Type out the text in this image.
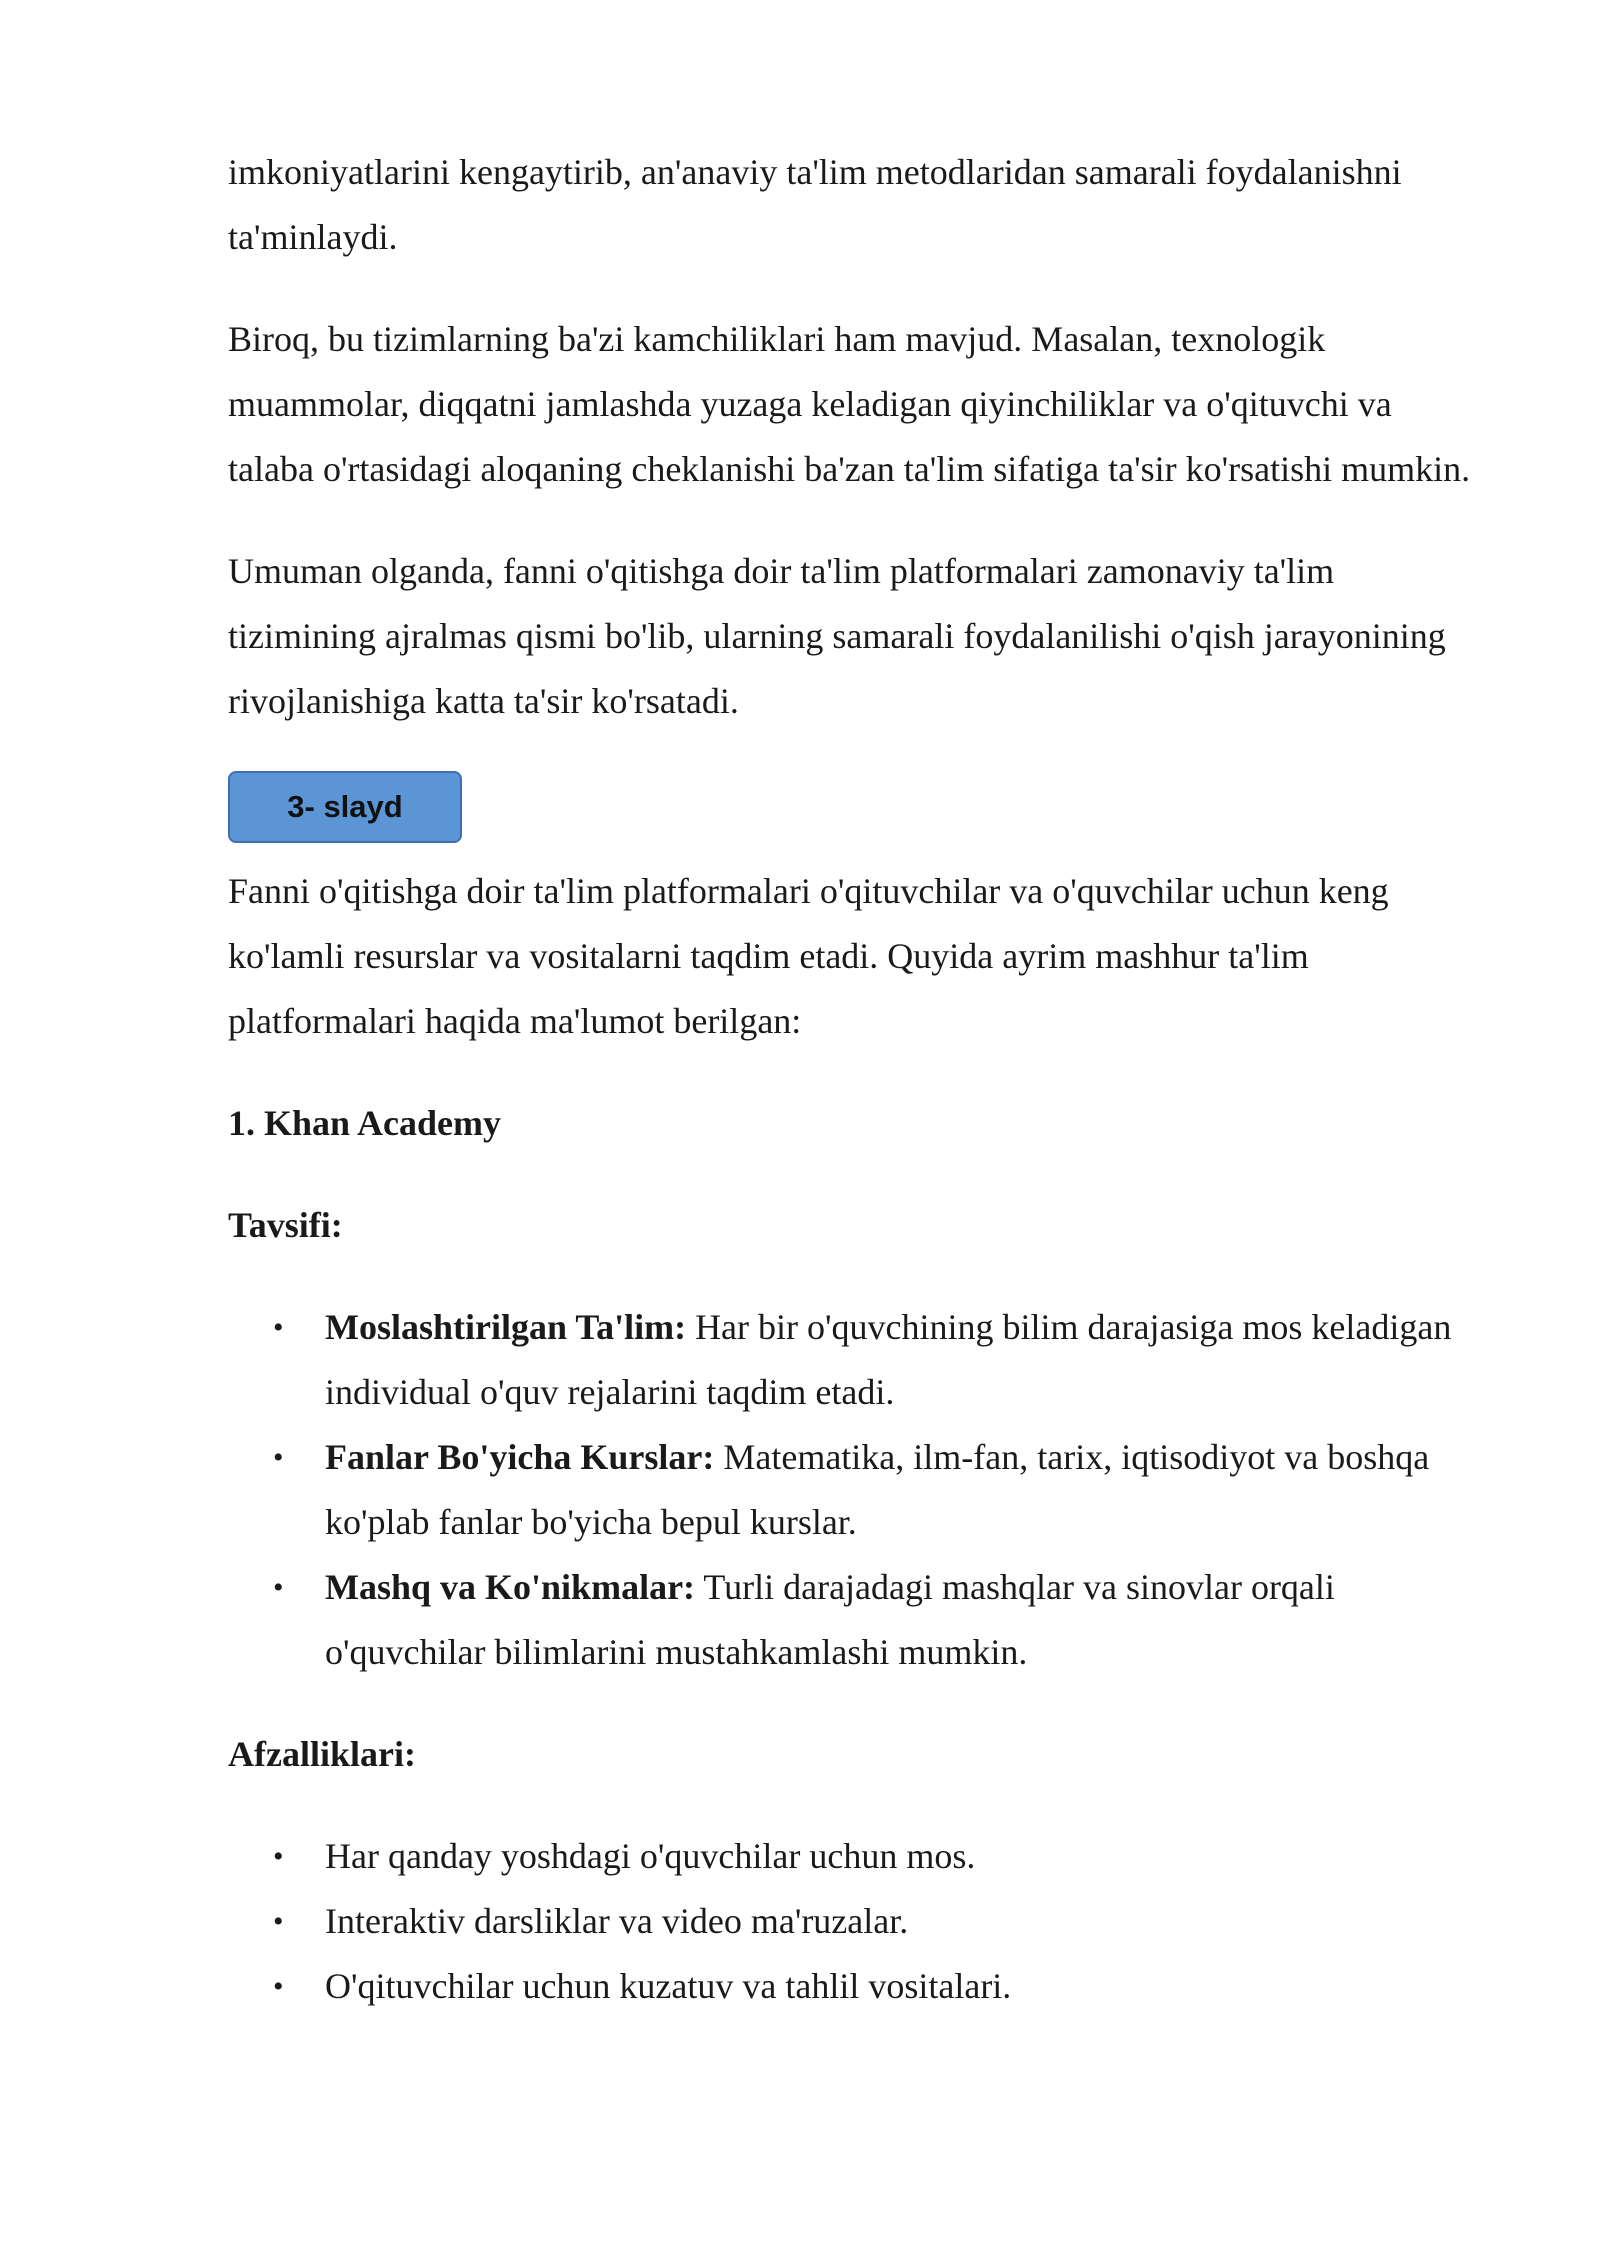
imkoniyatlarini kengaytirib, an'anaviy ta'lim metodlaridan samarali foydalanishni ta'minlaydi.

Biroq, bu tizimlarning ba'zi kamchiliklari ham mavjud. Masalan, texnologik muammolar, diqqatni jamlashda yuzaga keladigan qiyinchiliklar va o'qituvchi va talaba o'rtasidagi aloqaning cheklanishi ba'zan ta'lim sifatiga ta'sir ko'rsatishi mumkin.

Umuman olganda, fanni o'qitishga doir ta'lim platformalari zamonaviy ta'lim tizimining ajralmas qismi bo'lib, ularning samarali foydalanilishi o'qish jarayonining rivojlanishiga katta ta'sir ko'rsatadi.

3- slayd

Fanni o'qitishga doir ta'lim platformalari o'qituvchilar va o'quvchilar uchun keng ko'lamli resurslar va vositalarni taqdim etadi. Quyida ayrim mashhur ta'lim platformalari haqida ma'lumot berilgan:

1. Khan Academy

Tavsifi:

• Moslashtirilgan Ta'lim: Har bir o'quvchining bilim darajasiga mos keladigan individual o'quv rejalarini taqdim etadi.
• Fanlar Bo'yicha Kurslar: Matematika, ilm-fan, tarix, iqtisodiyot va boshqa ko'plab fanlar bo'yicha bepul kurslar.
• Mashq va Ko'nikmalar: Turli darajadagi mashqlar va sinovlar orqali o'quvchilar bilimlarini mustahkamlashi mumkin.

Afzalliklari:

• Har qanday yoshdagi o'quvchilar uchun mos.
• Interaktiv darsliklar va video ma'ruzalar.
• O'qituvchilar uchun kuzatuv va tahlil vositalari.
